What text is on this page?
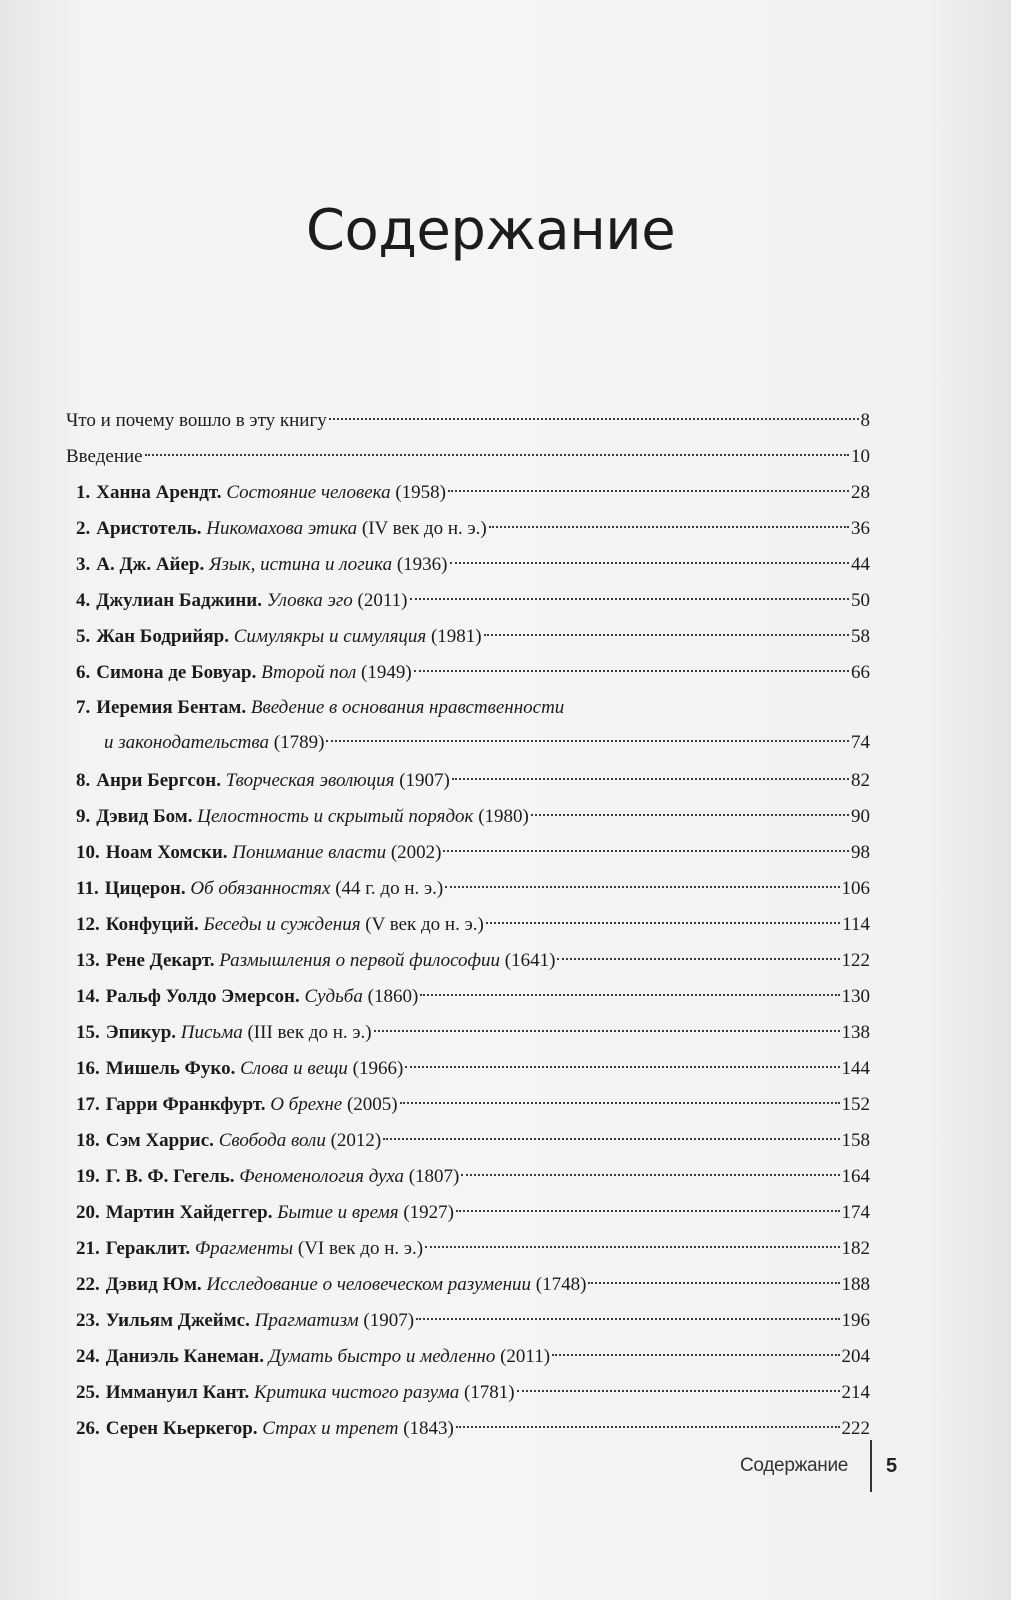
Содержание
Что и почему вошло в эту книгу	8
Введение	10
1. Ханна Арендт. Состояние человека (1958)	28
2. Аристотель. Никомахова этика (IV век до н. э.)	36
3. А. Дж. Айер. Язык, истина и логика (1936)	44
4. Джулиан Баджини. Уловка эго (2011)	50
5. Жан Бодрийяр. Симулякры и симуляция (1981)	58
6. Симона де Бовуар. Второй пол (1949)	66
7. Иеремия Бентам. Введение в основания нравственности
и законодательства (1789)	74
8. Анри Бергсон. Творческая эволюция (1907)	82
9. Дэвид Бом. Целостность и скрытый порядок (1980)	90
10. Ноам Хомски. Понимание власти (2002)	98
11. Цицерон. Об обязанностях (44 г. до н. э.)	106
12. Конфуций. Беседы и суждения (V век до н. э.)	114
13. Рене Декарт. Размышления о первой философии (1641)	122
14. Ральф Уолдо Эмерсон. Судьба (1860)	130
15. Эпикур. Письма (III век до н. э.)	138
16. Мишель Фуко. Слова и вещи (1966)	144
17. Гарри Франкфурт. О брехне (2005)	152
18. Сэм Харрис. Свобода воли (2012)	158
19. Г. В. Ф. Гегель. Феноменология духа (1807)	164
20. Мартин Хайдеггер. Бытие и время (1927)	174
21. Гераклит. Фрагменты (VI век до н. э.)	182
22. Дэвид Юм. Исследование о человеческом разумении (1748)	188
23. Уильям Джеймс. Прагматизм (1907)	196
24. Даниэль Канеман. Думать быстро и медленно (2011)	204
25. Иммануил Кант. Критика чистого разума (1781)	214
26. Серен Кьеркегор. Страх и трепет (1843)	222
Содержание 5
